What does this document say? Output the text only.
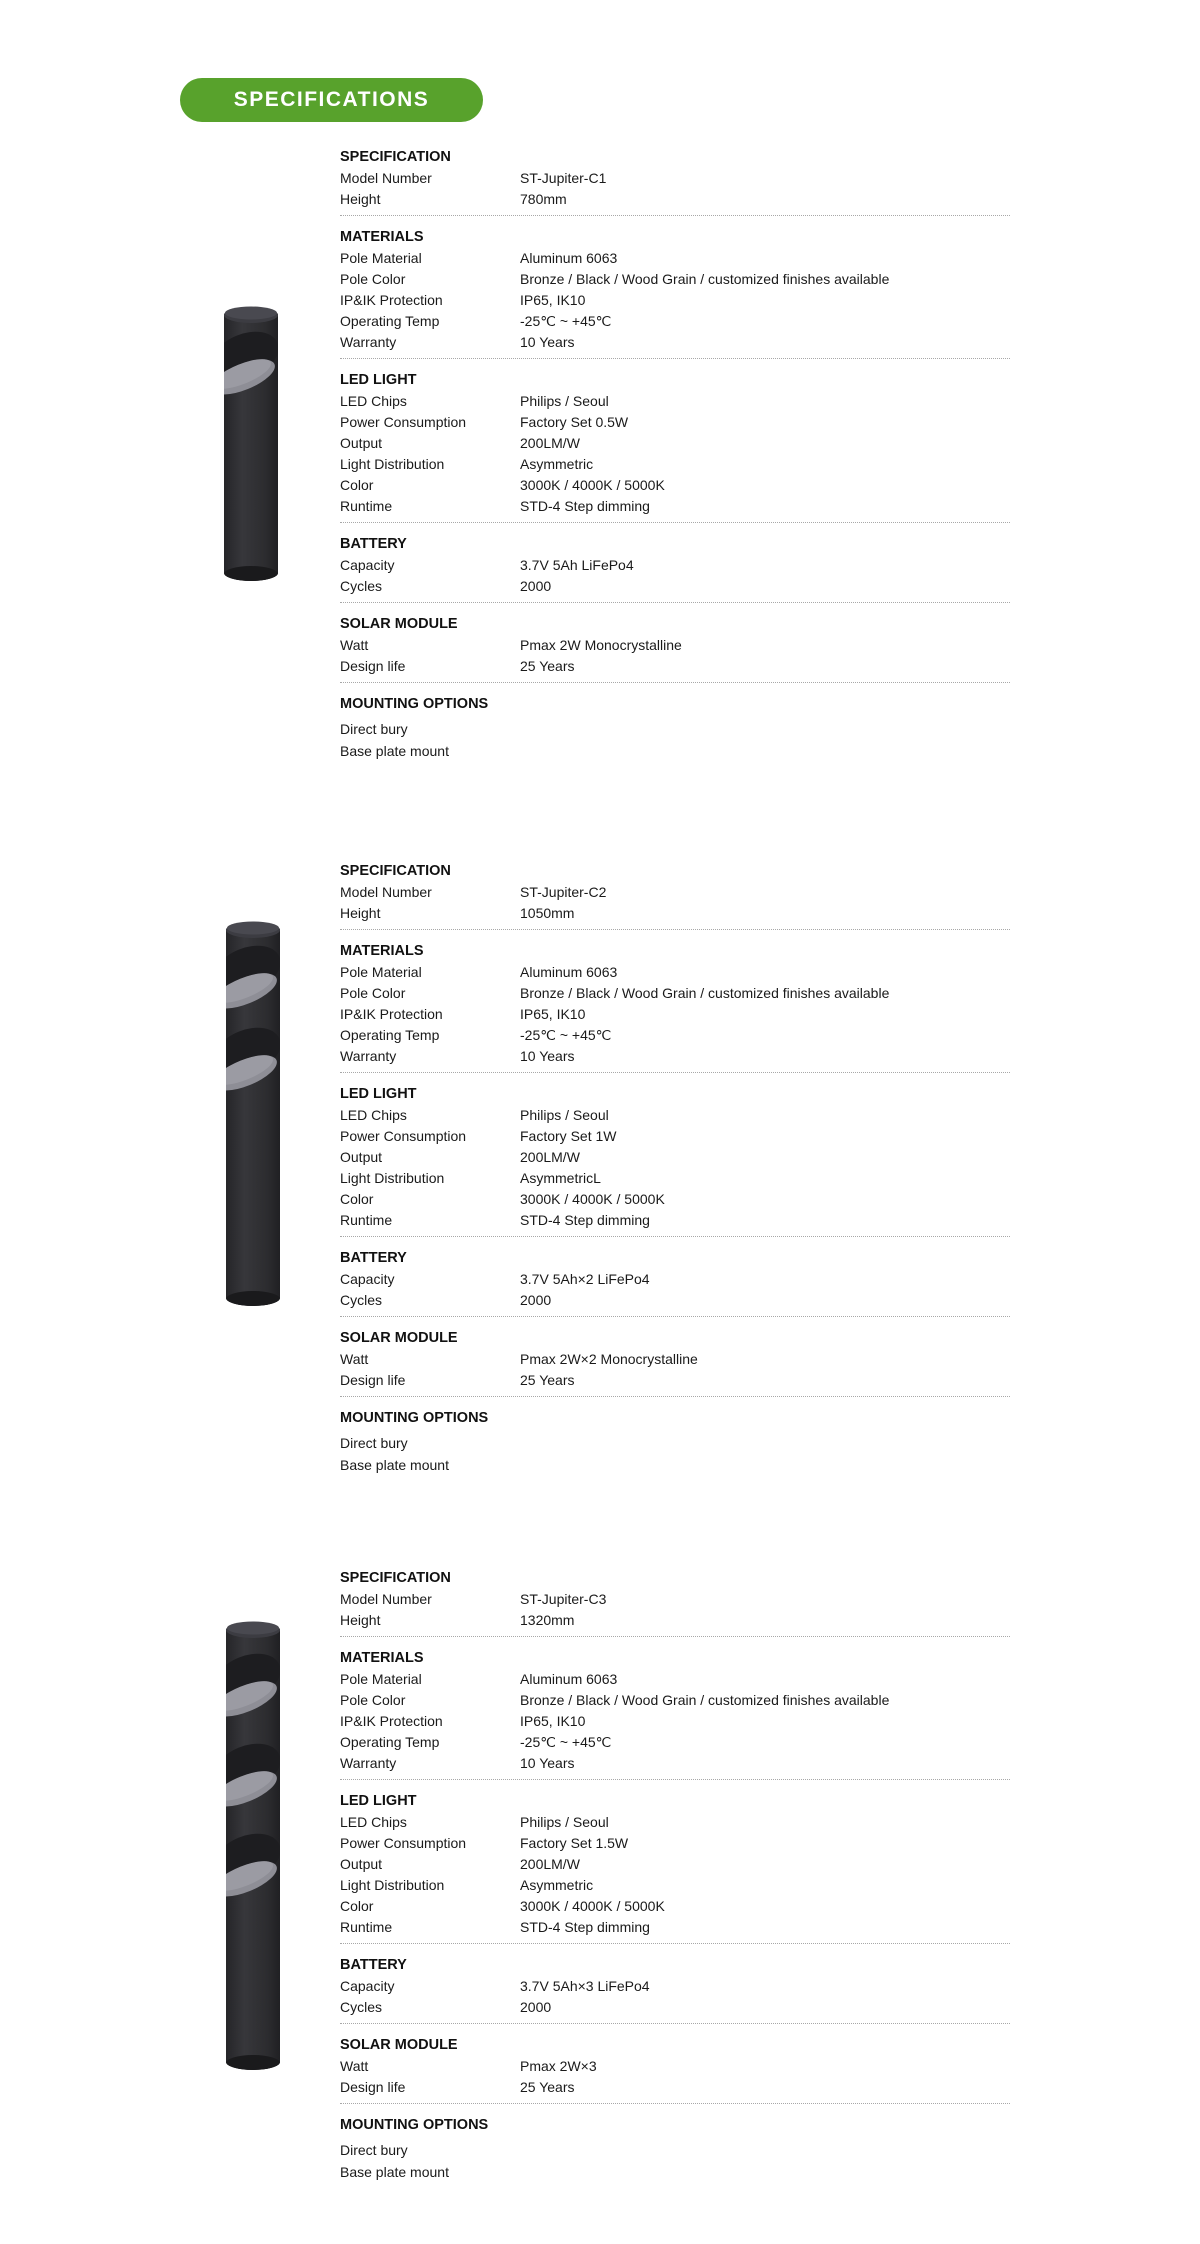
SPECIFICATIONS
SPECIFICATION
Model Number	ST-Jupiter-C1
Height	780mm
MATERIALS
Pole Material	Aluminum 6063
Pole Color	Bronze / Black / Wood Grain / customized finishes available
IP&IK Protection	IP65, IK10
Operating Temp	-25℃ ~ +45℃
Warranty	10 Years
LED LIGHT
LED Chips	Philips / Seoul
Power Consumption	Factory Set 0.5W
Output	200LM/W
Light Distribution	Asymmetric
Color	3000K / 4000K / 5000K
Runtime	STD-4 Step dimming
BATTERY
Capacity	3.7V 5Ah LiFePo4
Cycles	2000
SOLAR MODULE
Watt	Pmax 2W Monocrystalline
Design life	25 Years
MOUNTING OPTIONS
Direct bury
Base plate mount
SPECIFICATION
Model Number	ST-Jupiter-C2
Height	1050mm
MATERIALS
Pole Material	Aluminum 6063
Pole Color	Bronze / Black / Wood Grain / customized finishes available
IP&IK Protection	IP65, IK10
Operating Temp	-25℃ ~ +45℃
Warranty	10 Years
LED LIGHT
LED Chips	Philips / Seoul
Power Consumption	Factory Set 1W
Output	200LM/W
Light Distribution	AsymmetricL
Color	3000K / 4000K / 5000K
Runtime	STD-4 Step dimming
BATTERY
Capacity	3.7V 5Ah×2 LiFePo4
Cycles	2000
SOLAR MODULE
Watt	Pmax 2W×2 Monocrystalline
Design life	25 Years
MOUNTING OPTIONS
Direct bury
Base plate mount
SPECIFICATION
Model Number	ST-Jupiter-C3
Height	1320mm
MATERIALS
Pole Material	Aluminum 6063
Pole Color	Bronze / Black / Wood Grain / customized finishes available
IP&IK Protection	IP65, IK10
Operating Temp	-25℃ ~ +45℃
Warranty	10 Years
LED LIGHT
LED Chips	Philips / Seoul
Power Consumption	Factory Set 1.5W
Output	200LM/W
Light Distribution	Asymmetric
Color	3000K / 4000K / 5000K
Runtime	STD-4 Step dimming
BATTERY
Capacity	3.7V 5Ah×3 LiFePo4
Cycles	2000
SOLAR MODULE
Watt	Pmax 2W×3
Design life	25 Years
MOUNTING OPTIONS
Direct bury
Base plate mount
